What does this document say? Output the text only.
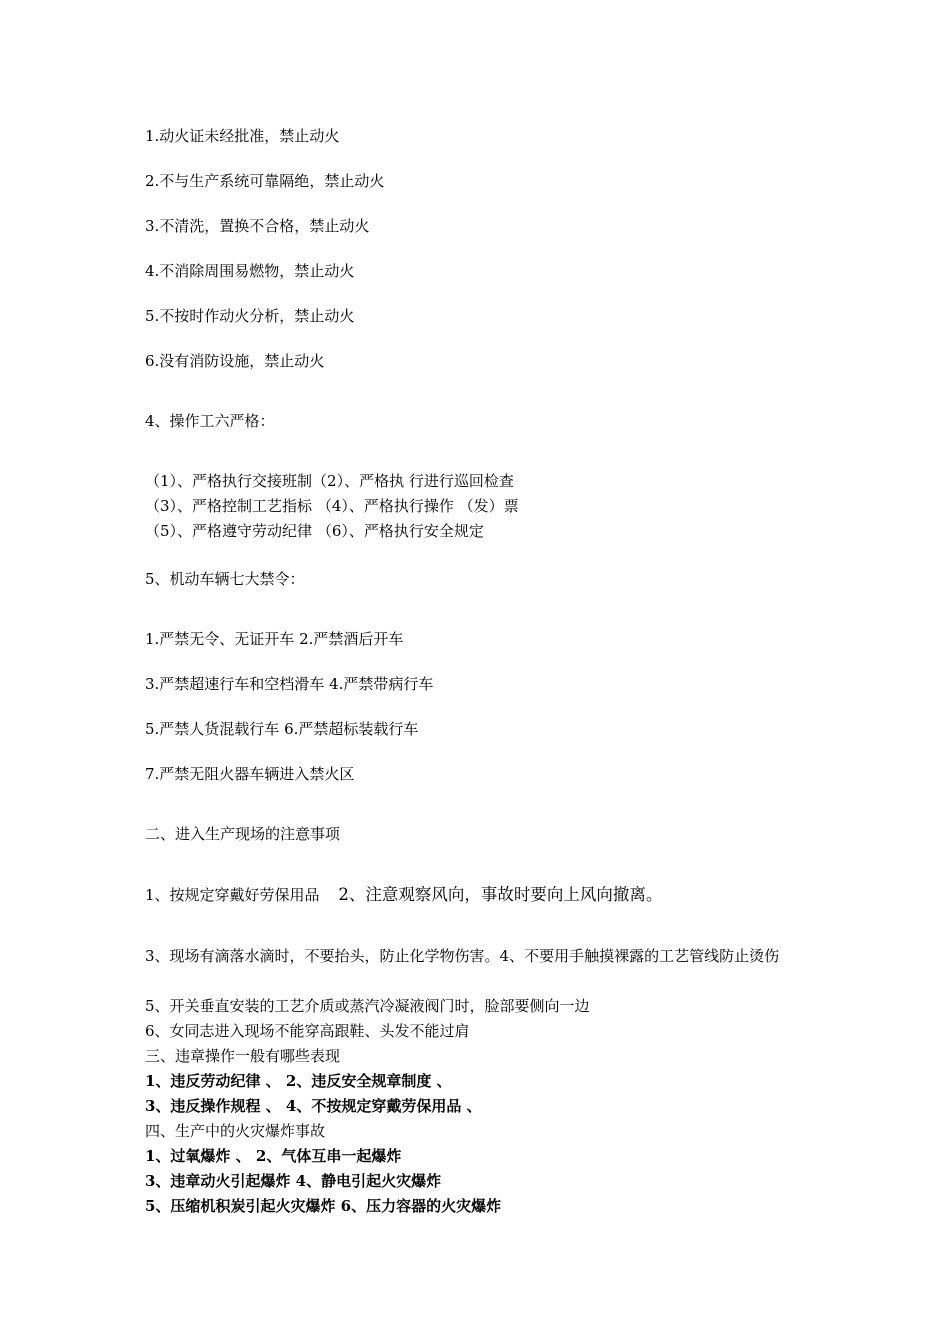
1.动火证未经批准，禁止动火
2.不与生产系统可靠隔绝，禁止动火
3.不清洗，置换不合格，禁止动火
4.不消除周围易燃物，禁止动火
5.不按时作动火分析，禁止动火
6.没有消防设施，禁止动火
4、操作工六严格：
（1）、严格执行交接班制（2）、严格执 行进行巡回检查
（3）、严格控制工艺指标 （4）、严格执行操作 （发）票
（5）、严格遵守劳动纪律 （6）、严格执行安全规定
5、机动车辆七大禁令：
1.严禁无令、无证开车 2.严禁酒后开车
3.严禁超速行车和空档滑车 4.严禁带病行车
5.严禁人货混载行车 6.严禁超标装载行车
7.严禁无阻火器车辆进入禁火区
二、进入生产现场的注意事项
1、按规定穿戴好劳保用品 2、注意观察风向，事故时要向上风向撤离。
3、现场有滴落水滴时，不要抬头，防止化学物伤害。4、不要用手触摸裸露的工艺管线防止烫伤
5、开关垂直安装的工艺介质或蒸汽冷凝液阀门时，脸部要侧向一边
6、女同志进入现场不能穿高跟鞋、头发不能过肩
三、违章操作一般有哪些表现
1、违反劳动纪律 、 2、违反安全规章制度 、
3、违反操作规程 、 4、不按规定穿戴劳保用品 、
四、生产中的火灾爆炸事故
1、过氧爆炸 、 2、气体互串一起爆炸
3、违章动火引起爆炸 4、静电引起火灾爆炸
5、压缩机积炭引起火灾爆炸 6、压力容器的火灾爆炸
